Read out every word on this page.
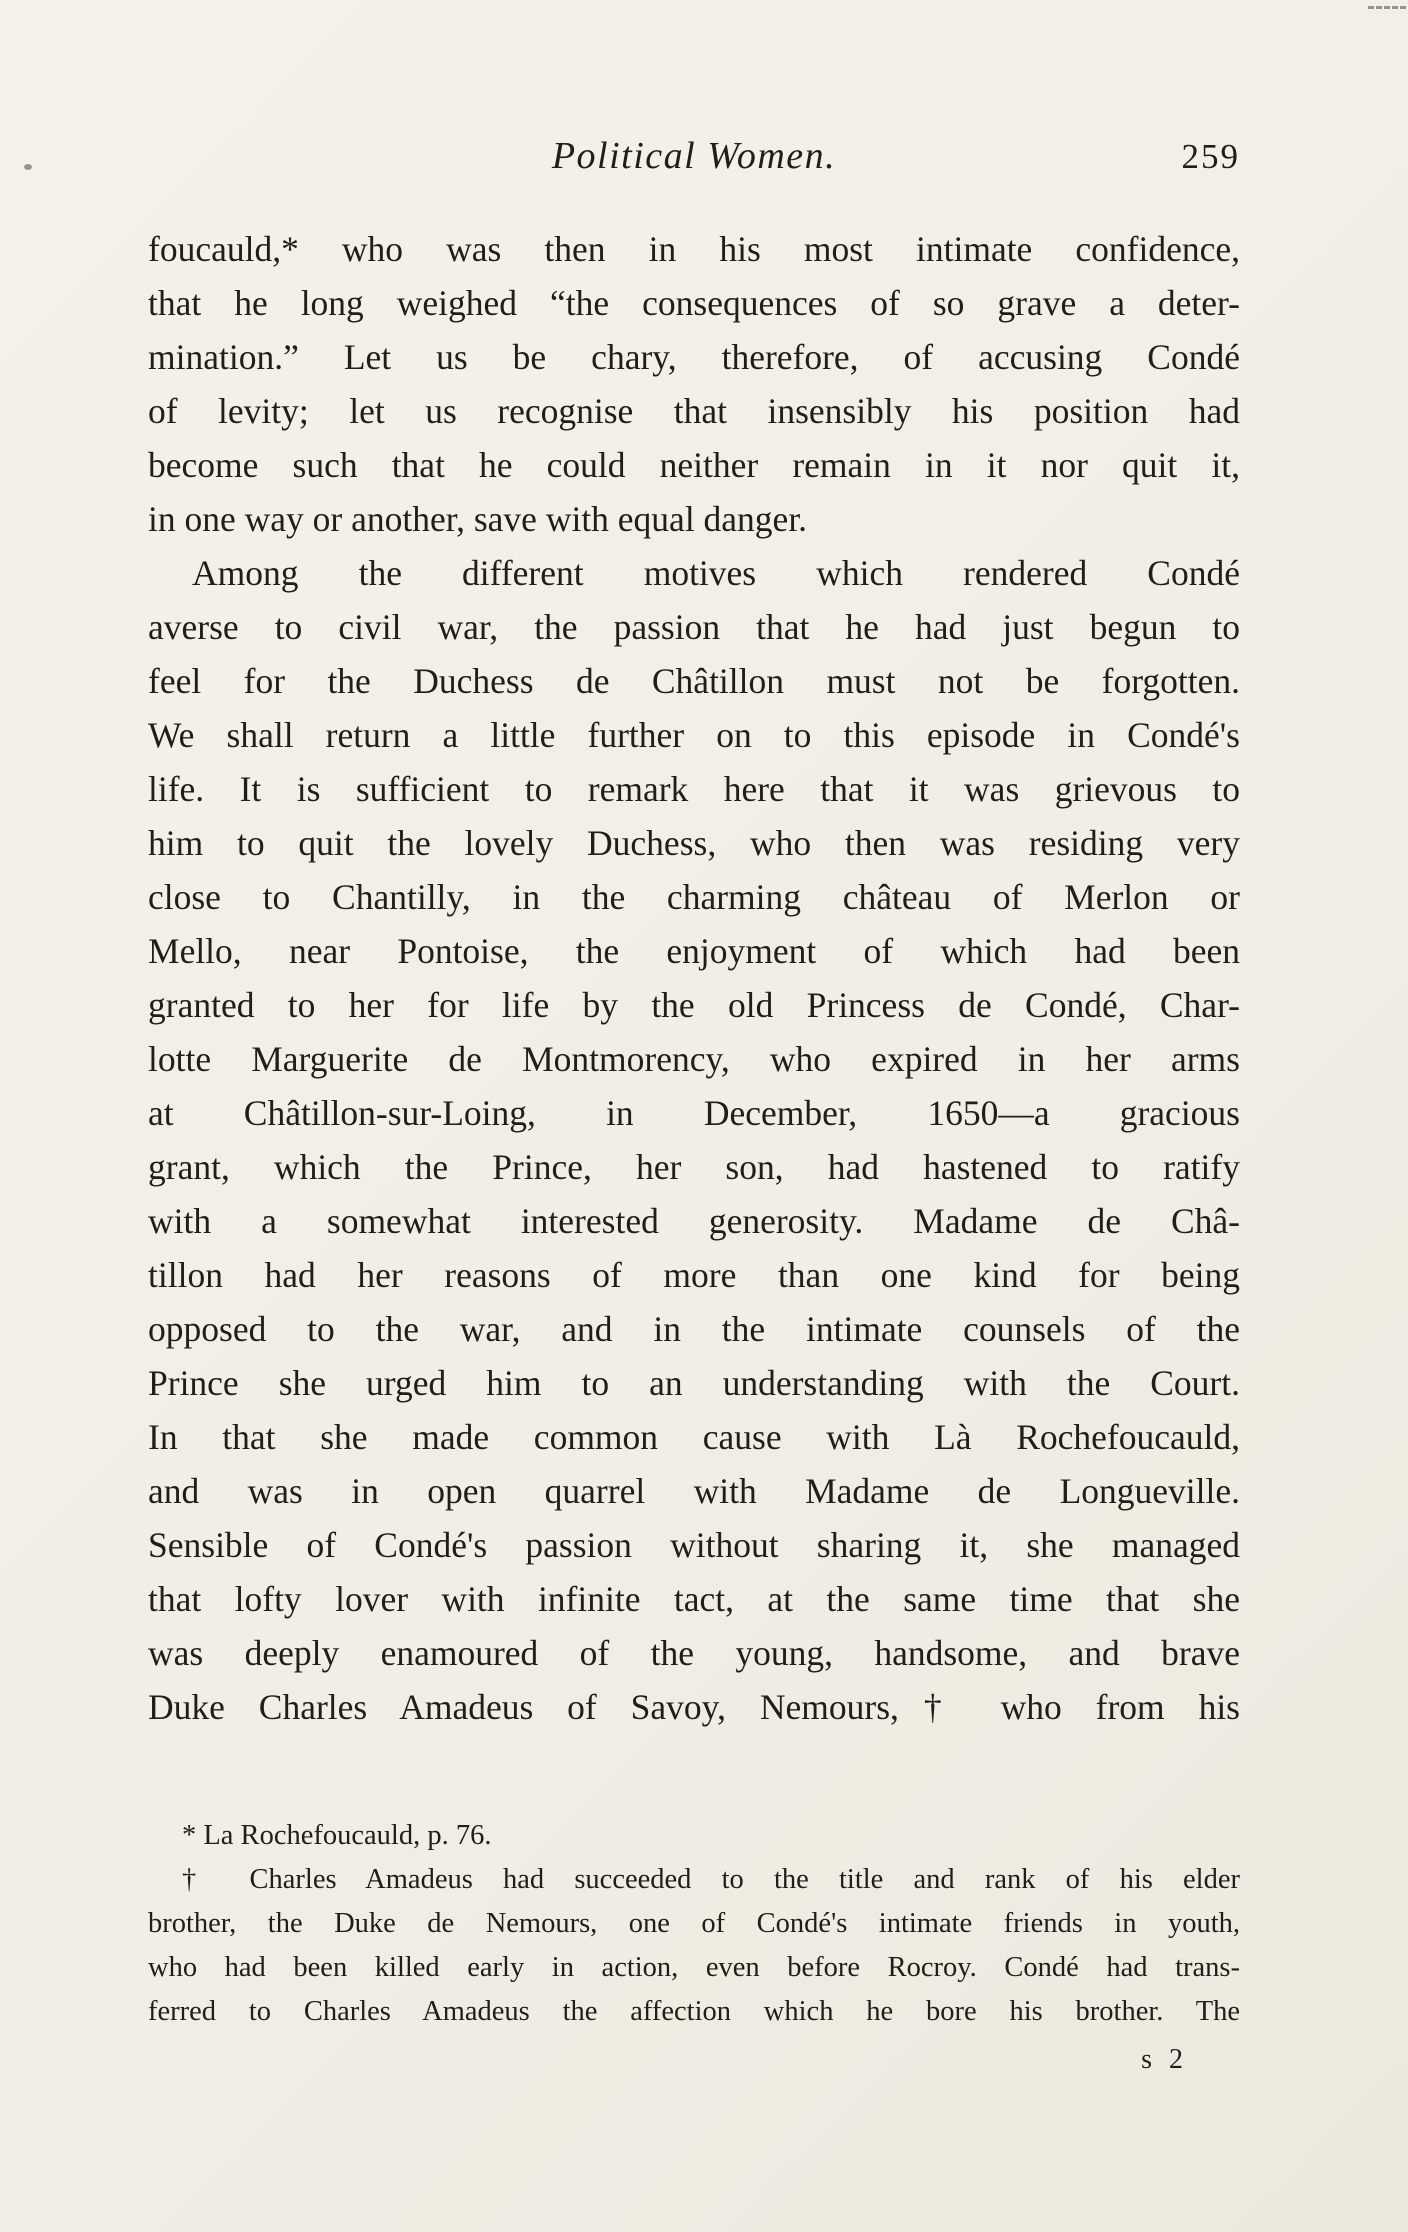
Political Women.	259
foucauld,* who was then in his most intimate confidence,
that he long weighed “the consequences of so grave a deter-
mination.” Let us be chary, therefore, of accusing Condé
of levity; let us recognise that insensibly his position had
become such that he could neither remain in it nor quit it,
in one way or another, save with equal danger.
Among the different motives which rendered Condé
averse to civil war, the passion that he had just begun to
feel for the Duchess de Châtillon must not be forgotten.
We shall return a little further on to this episode in Condé's
life. It is sufficient to remark here that it was grievous to
him to quit the lovely Duchess, who then was residing very
close to Chantilly, in the charming château of Merlon or
Mello, near Pontoise, the enjoyment of which had been
granted to her for life by the old Princess de Condé, Char-
lotte Marguerite de Montmorency, who expired in her arms
at Châtillon-sur-Loing, in December, 1650—a gracious
grant, which the Prince, her son, had hastened to ratify
with a somewhat interested generosity. Madame de Châ-
tillon had her reasons of more than one kind for being
opposed to the war, and in the intimate counsels of the
Prince she urged him to an understanding with the Court.
In that she made common cause with Là Rochefoucauld,
and was in open quarrel with Madame de Longueville.
Sensible of Condé's passion without sharing it, she managed
that lofty lover with infinite tact, at the same time that she
was deeply enamoured of the young, handsome, and brave
Duke Charles Amadeus of Savoy, Nemours,† who from his
* La Rochefoucauld, p. 76.
† Charles Amadeus had succeeded to the title and rank of his elder
brother, the Duke de Nemours, one of Condé's intimate friends in youth,
who had been killed early in action, even before Rocroy. Condé had trans-
ferred to Charles Amadeus the affection which he bore his brother. The
s 2
